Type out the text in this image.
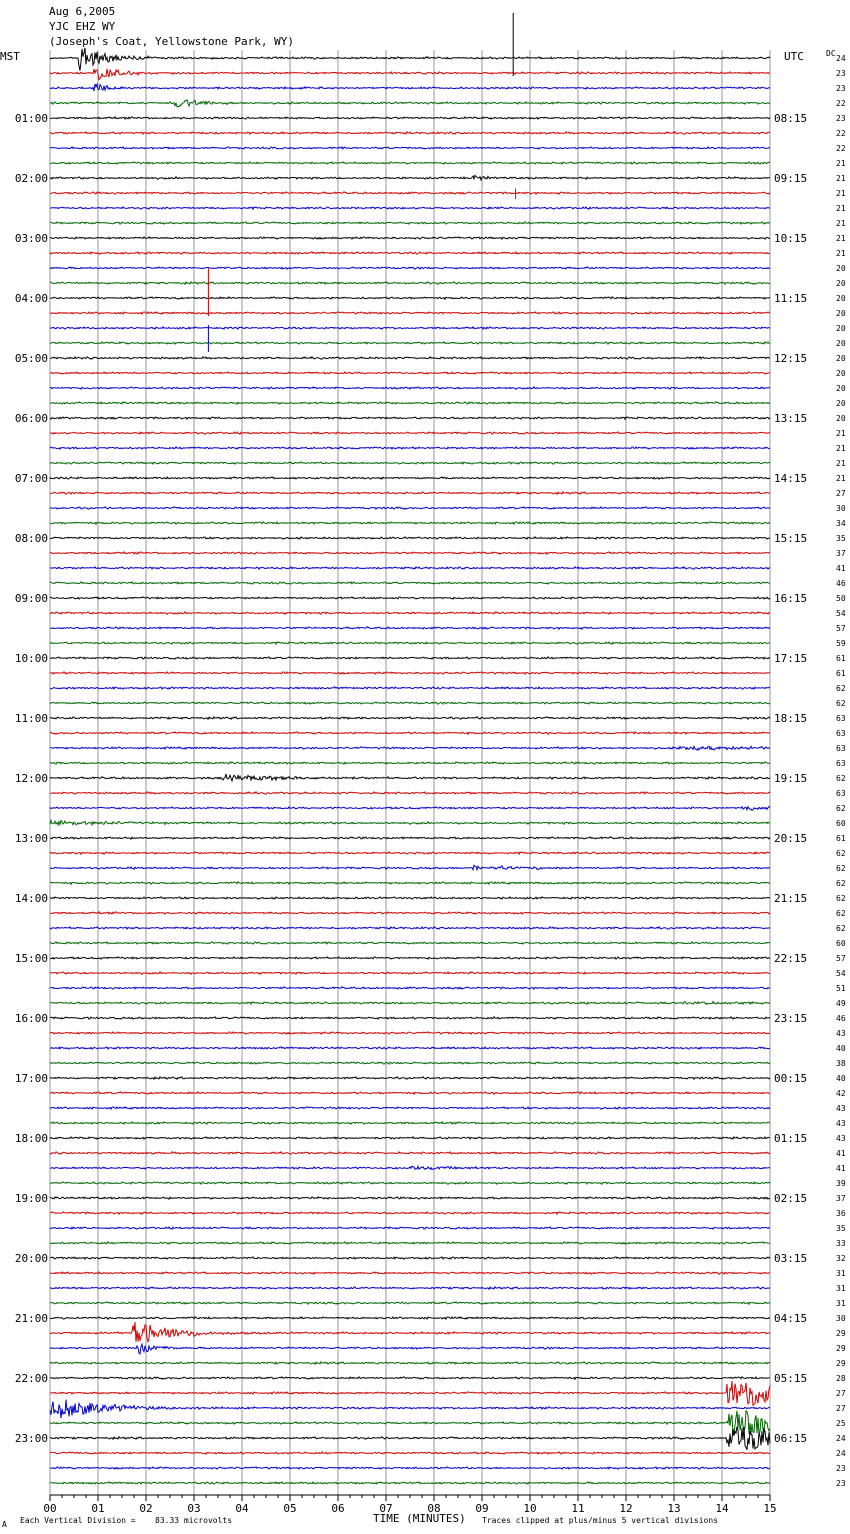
Aug 6,2005
YJC EHZ WY
(Joseph's Coat, Yellowstone Park, WY)
MST	UTC	DC
01:00
02:00
03:00
04:00
05:00
06:00
07:00
08:00
09:00
10:00
11:00
12:00
13:00
14:00
15:00
16:00
17:00
18:00
19:00
20:00
21:00
22:00
23:00
08:15
09:15
10:15
11:15
12:15
13:15
14:15
15:15
16:15
17:15
18:15
19:15
20:15
21:15
22:15
23:15
00:15
01:15
02:15
03:15
04:15
05:15
06:15
24
23
23
22
23
22
22
21
21
21
21
21
21
21
20
20
20
20
20
20
20
20
20
20
20
21
21
21
21
27
30
34
35
37
41
46
50
54
57
59
61
61
62
62
63
63
63
63
62
63
62
60
61
62
62
62
62
62
62
60
57
54
51
49
46
43
40
38
40
42
43
43
43
41
41
39
37
36
35
33
32
31
31
31
30
29
29
29
28
27
27
25
24
24
23
23
00	01	02	03	04	05	06	07	08	09	10	11	12	13	14	15
A Each Vertical Division = 83.33 microvolts	TIME (MINUTES) Traces clipped at plus/minus 5 vertical divisions
